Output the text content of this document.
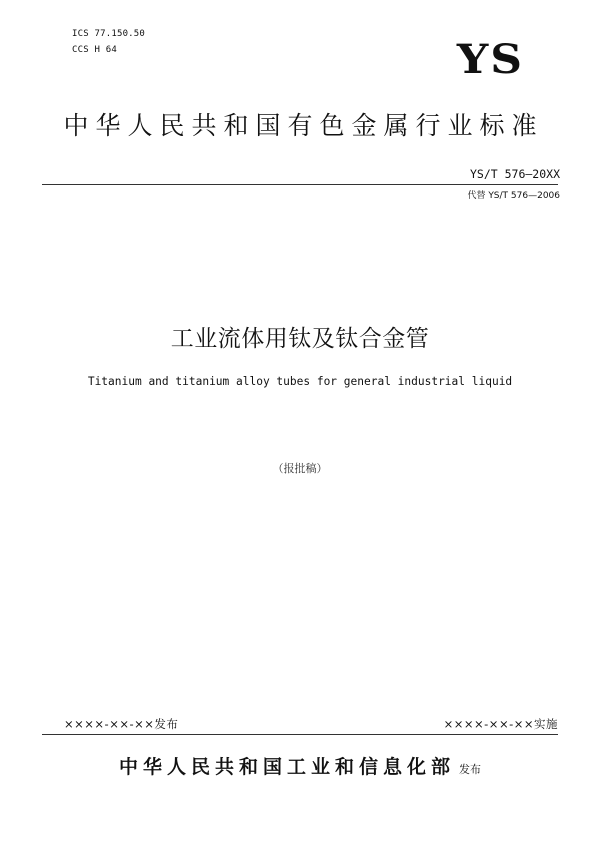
ICS 77.150.50
CCS H 64	YS
中华人民共和国有色金属行业标准
YS/T 576—20XX
代替 YS/T 576—2006
工业流体用钛及钛合金管
Titanium and titanium alloy tubes for general industrial liquid
（报批稿）
××××-××-××发布	××××-××-××实施
中华人民共和国工业和信息化部 发布
